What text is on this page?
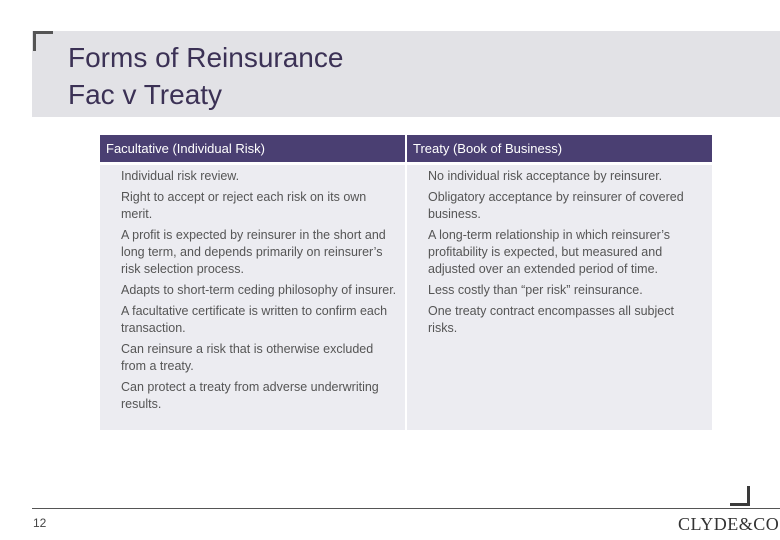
Forms of Reinsurance
Fac v Treaty
Facultative (Individual Risk)	Treaty (Book of Business)
Individual risk review.
Right to accept or reject each risk on its own merit.
A profit is expected by reinsurer in the short and long term, and depends primarily on reinsurer’s risk selection process.
Adapts to short-term ceding philosophy of insurer.
A facultative certificate is written to confirm each transaction.
Can reinsure a risk that is otherwise excluded from a treaty.
Can protect a treaty from adverse underwriting results.
No individual risk acceptance by reinsurer.
Obligatory acceptance by reinsurer of covered business.
A long-term relationship in which reinsurer’s profitability is expected, but measured and adjusted over an extended period of time.
Less costly than “per risk” reinsurance.
One treaty contract encompasses all subject risks.
12	CLYDE&CO
